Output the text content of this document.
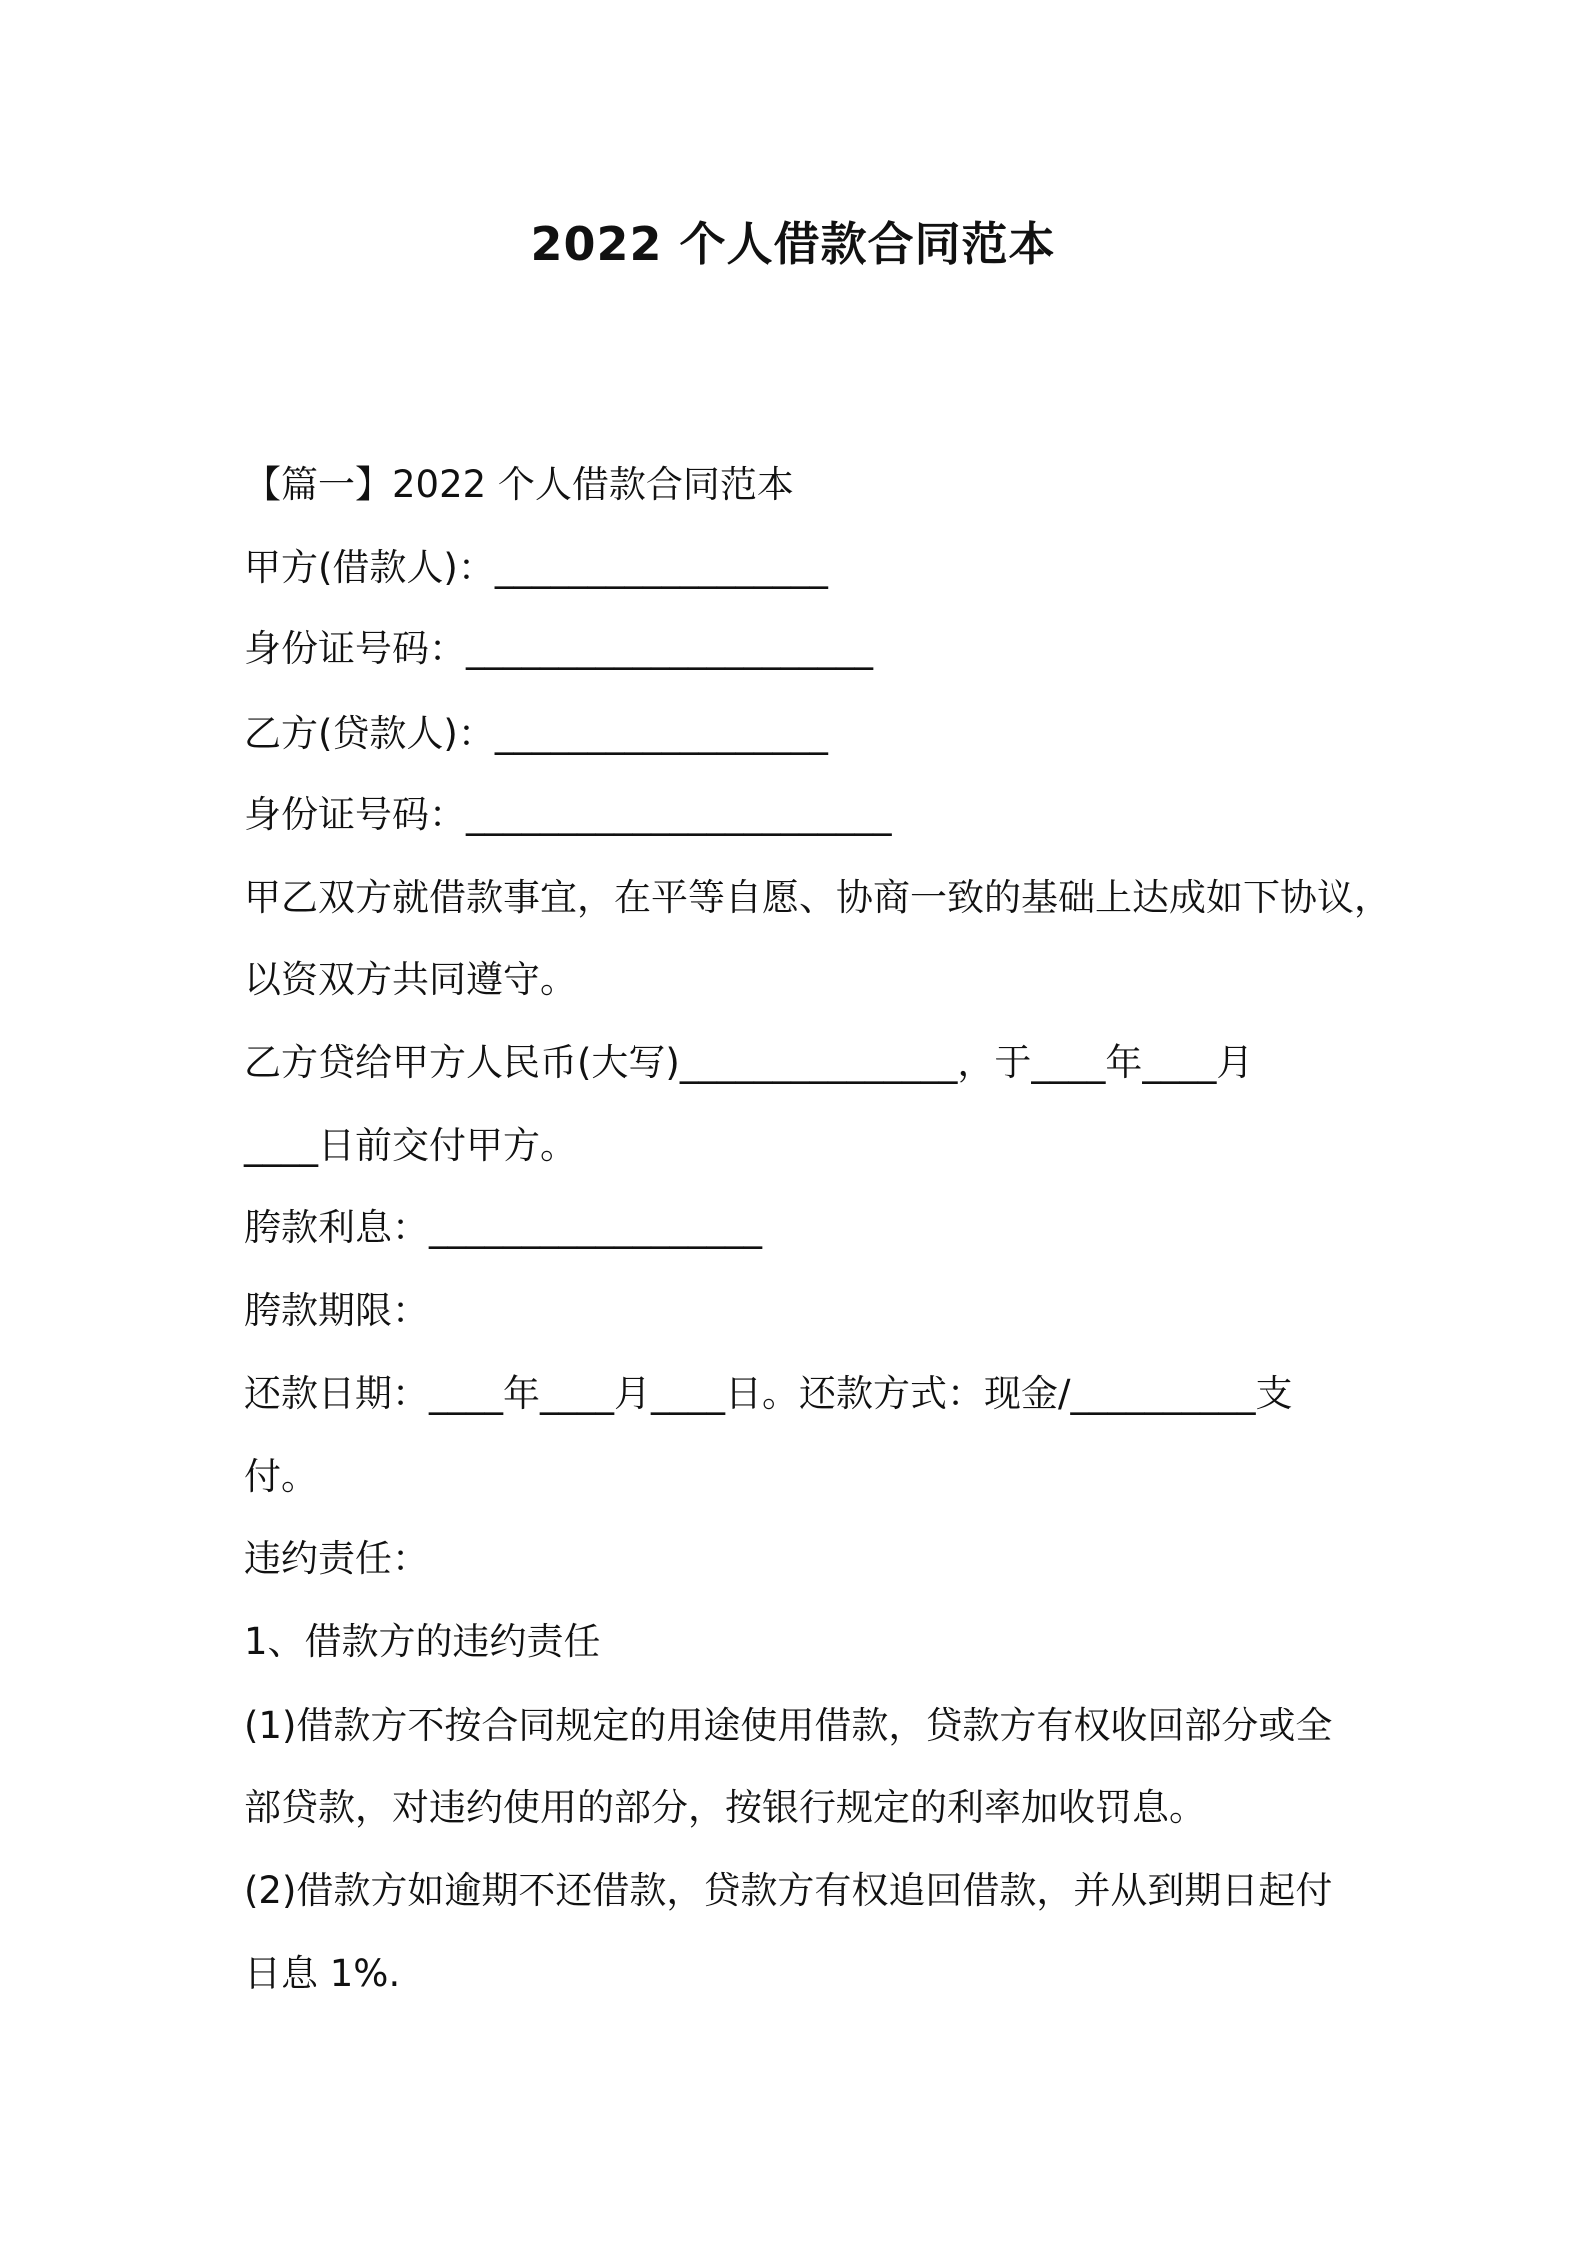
2022 个人借款合同范本

【篇一】2022 个人借款合同范本

甲方(借款人)：__________________

身份证号码：______________________

乙方(贷款人)：__________________

身份证号码：_______________________

甲乙双方就借款事宜，在平等自愿、协商一致的基础上达成如下协议，

以资双方共同遵守。

乙方贷给甲方人民币(大写)_______________，于____年____月

____日前交付甲方。

胯款利息：__________________

胯款期限：

还款日期：____年____月____日。还款方式：现金/__________支

付。

违约责任：

1、借款方的违约责任

(1)借款方不按合同规定的用途使用借款，贷款方有权收回部分或全

部贷款，对违约使用的部分，按银行规定的利率加收罚息。

(2)借款方如逾期不还借款，贷款方有权追回借款，并从到期日起付

日息 1%.
